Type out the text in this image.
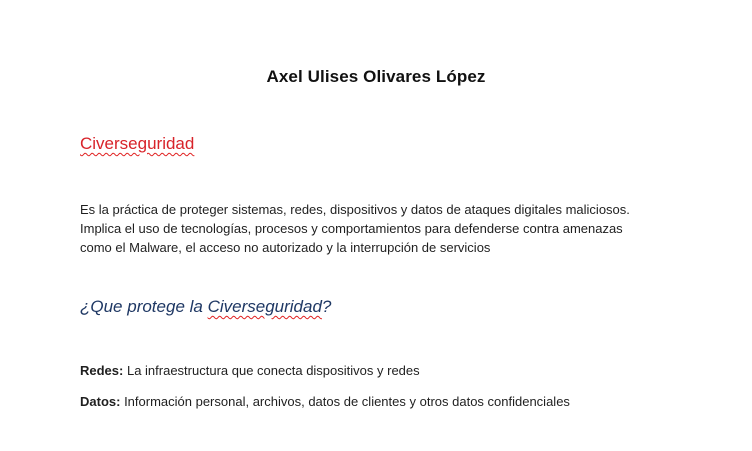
Axel Ulises Olivares López
Civerseguridad
Es la práctica de proteger sistemas, redes, dispositivos y datos de ataques digitales maliciosos.
Implica el uso de tecnologías, procesos y comportamientos para defenderse contra amenazas
como el Malware, el acceso no autorizado y la interrupción de servicios
¿Que protege la Civerseguridad?
Redes: La infraestructura que conecta dispositivos y redes
Datos: Información personal, archivos, datos de clientes y otros datos confidenciales
